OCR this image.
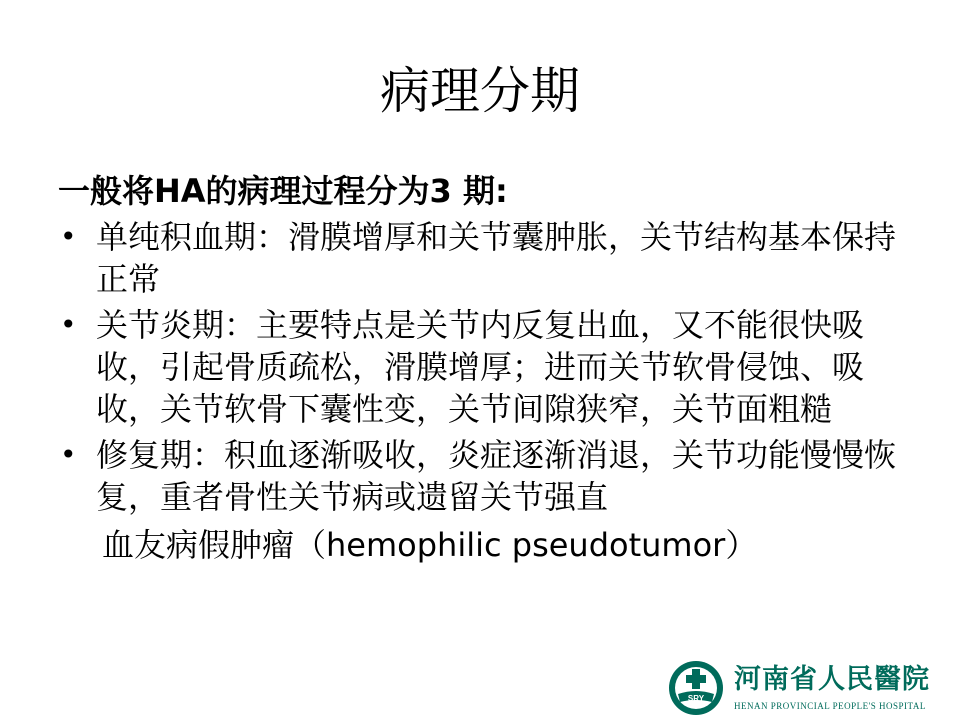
病理分期
一般将HA的病理过程分为3 期:
• 单纯积血期：滑膜增厚和关节囊肿胀，关节结构基本保持正常
• 关节炎期：主要特点是关节内反复出血，又不能很快吸收，引起骨质疏松，滑膜增厚；进而关节软骨侵蚀、吸收，关节软骨下囊性变，关节间隙狭窄，关节面粗糙
• 修复期：积血逐渐吸收，炎症逐渐消退，关节功能慢慢恢复，重者骨性关节病或遗留关节强直
血友病假肿瘤（hemophilic pseudotumor）
SRY
河南省人民醫院
HENAN PROVINCIAL PEOPLE'S HOSPITAL
